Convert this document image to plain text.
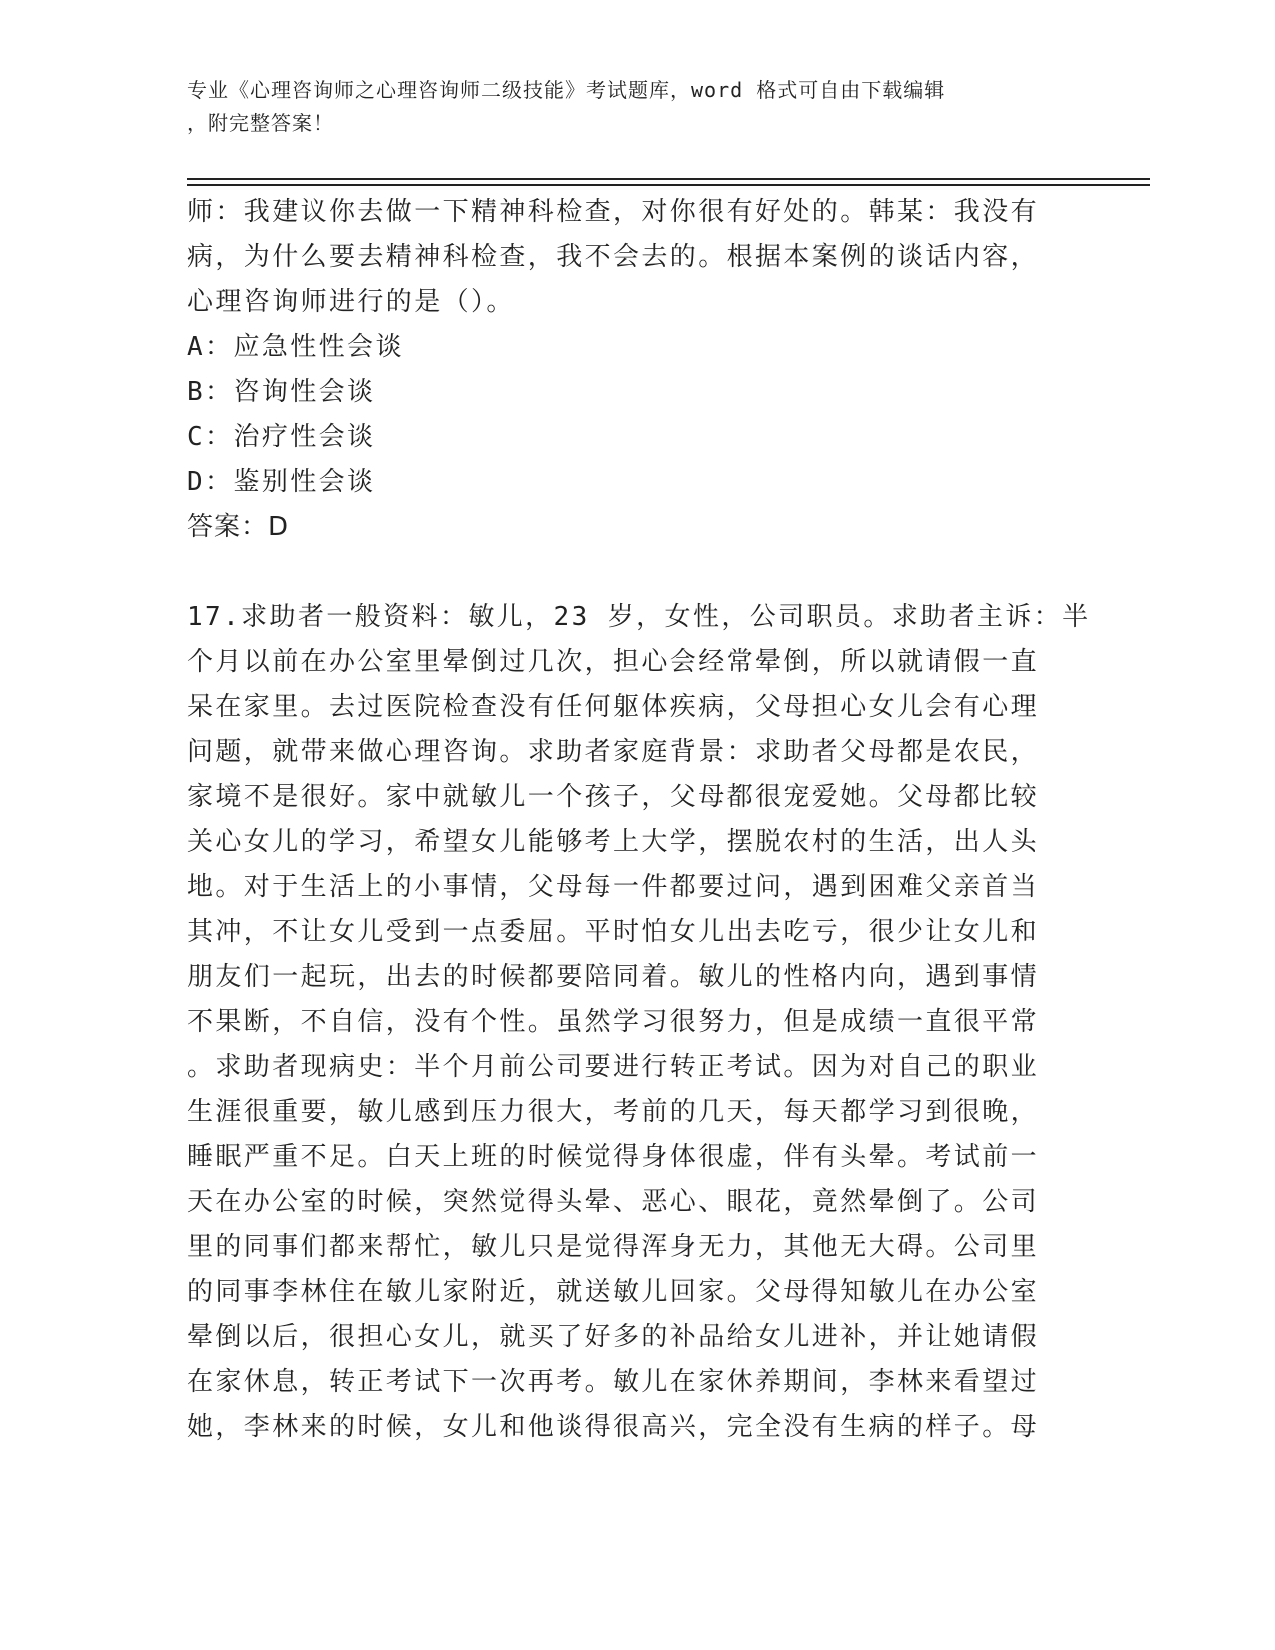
专业《心理咨询师之心理咨询师二级技能》考试题库，word 格式可自由下载编辑
，附完整答案！
师：我建议你去做一下精神科检查，对你很有好处的。韩某：我没有
病，为什么要去精神科检查，我不会去的。根据本案例的谈话内容，
心理咨询师进行的是（）。
A：应急性性会谈
B：咨询性会谈
C：治疗性会谈
D：鉴别性会谈
答案：D
17.求助者一般资料：敏儿，23 岁，女性，公司职员。求助者主诉：半
个月以前在办公室里晕倒过几次，担心会经常晕倒，所以就请假一直
呆在家里。去过医院检查没有任何躯体疾病，父母担心女儿会有心理
问题，就带来做心理咨询。求助者家庭背景：求助者父母都是农民，
家境不是很好。家中就敏儿一个孩子，父母都很宠爱她。父母都比较
关心女儿的学习，希望女儿能够考上大学，摆脱农村的生活，出人头
地。对于生活上的小事情，父母每一件都要过问，遇到困难父亲首当
其冲，不让女儿受到一点委屈。平时怕女儿出去吃亏，很少让女儿和
朋友们一起玩，出去的时候都要陪同着。敏儿的性格内向，遇到事情
不果断，不自信，没有个性。虽然学习很努力，但是成绩一直很平常
。求助者现病史：半个月前公司要进行转正考试。因为对自己的职业
生涯很重要，敏儿感到压力很大，考前的几天，每天都学习到很晚，
睡眠严重不足。白天上班的时候觉得身体很虚，伴有头晕。考试前一
天在办公室的时候，突然觉得头晕、恶心、眼花，竟然晕倒了。公司
里的同事们都来帮忙，敏儿只是觉得浑身无力，其他无大碍。公司里
的同事李林住在敏儿家附近，就送敏儿回家。父母得知敏儿在办公室
晕倒以后，很担心女儿，就买了好多的补品给女儿进补，并让她请假
在家休息，转正考试下一次再考。敏儿在家休养期间，李林来看望过
她，李林来的时候，女儿和他谈得很高兴，完全没有生病的样子。母
